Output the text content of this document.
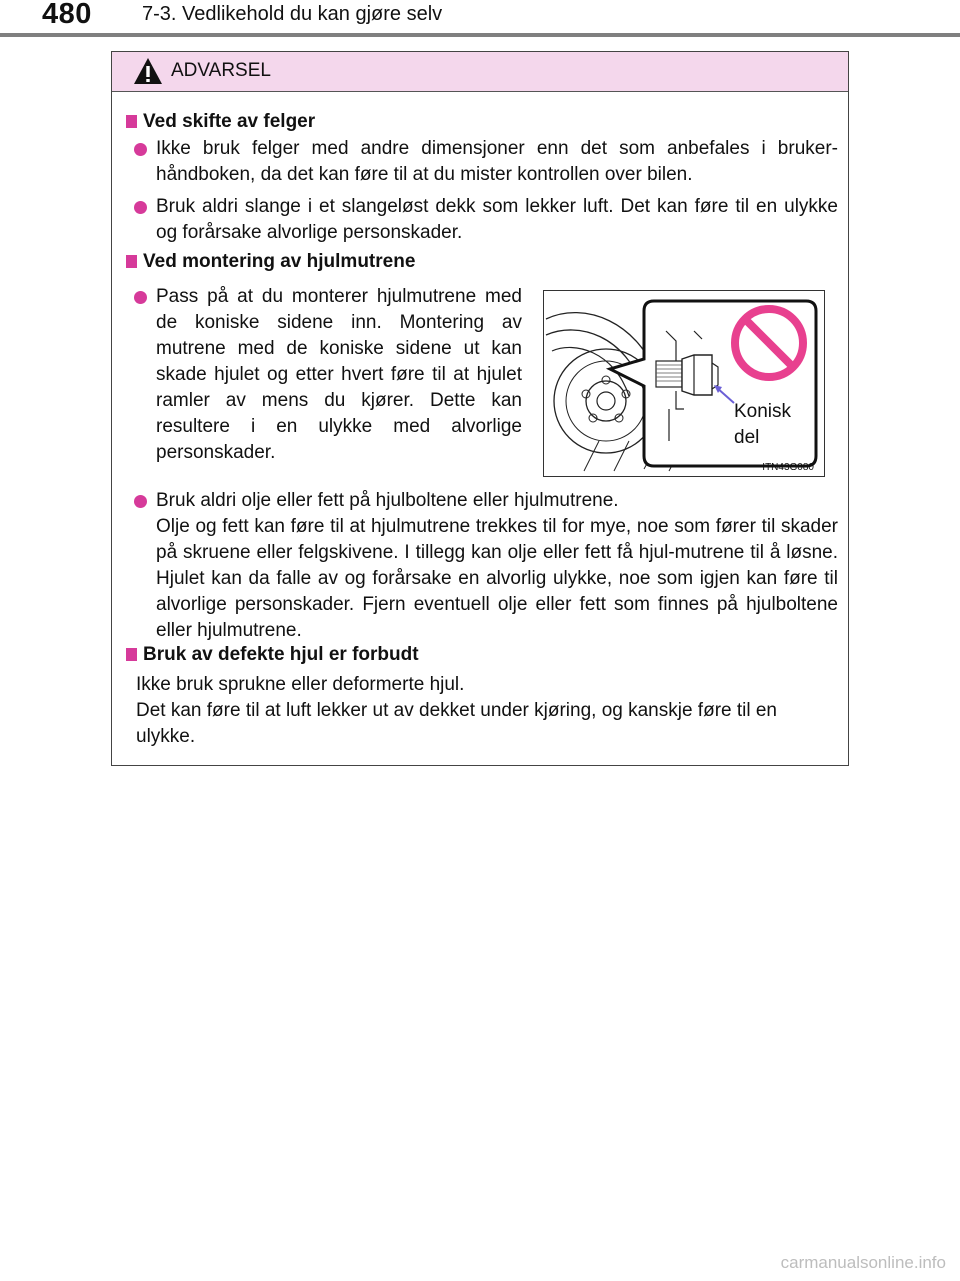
480	7-3. Vedlikehold du kan gjøre selv
ADVARSEL
Ved skifte av felger
Ikke bruk felger med andre dimensjoner enn det som anbefales i bruker-håndboken, da det kan føre til at du mister kontrollen over bilen.
Bruk aldri slange i et slangeløst dekk som lekker luft. Det kan føre til en ulykke og forårsake alvorlige personskader.
Ved montering av hjulmutrene
Pass på at du monterer hjulmutrene med de koniske sidene inn. Montering av mutrene med de koniske sidene ut kan skade hjulet og etter hvert føre til at hjulet ramler av mens du kjører. Dette kan resultere i en ulykke med alvorlige personskader.
Konisk
del
ITN43G080
Bruk aldri olje eller fett på hjulboltene eller hjulmutrene.
Olje og fett kan føre til at hjulmutrene trekkes til for mye, noe som fører til skader på skruene eller felgskivene. I tillegg kan olje eller fett få hjul-mutrene til å løsne. Hjulet kan da falle av og forårsake en alvorlig ulykke, noe som igjen kan føre til alvorlige personskader. Fjern eventuell olje eller fett som finnes på hjulboltene eller hjulmutrene.
Bruk av defekte hjul er forbudt
Ikke bruk sprukne eller deformerte hjul.
Det kan føre til at luft lekker ut av dekket under kjøring, og kanskje føre til en ulykke.
carmanualsonline.info
